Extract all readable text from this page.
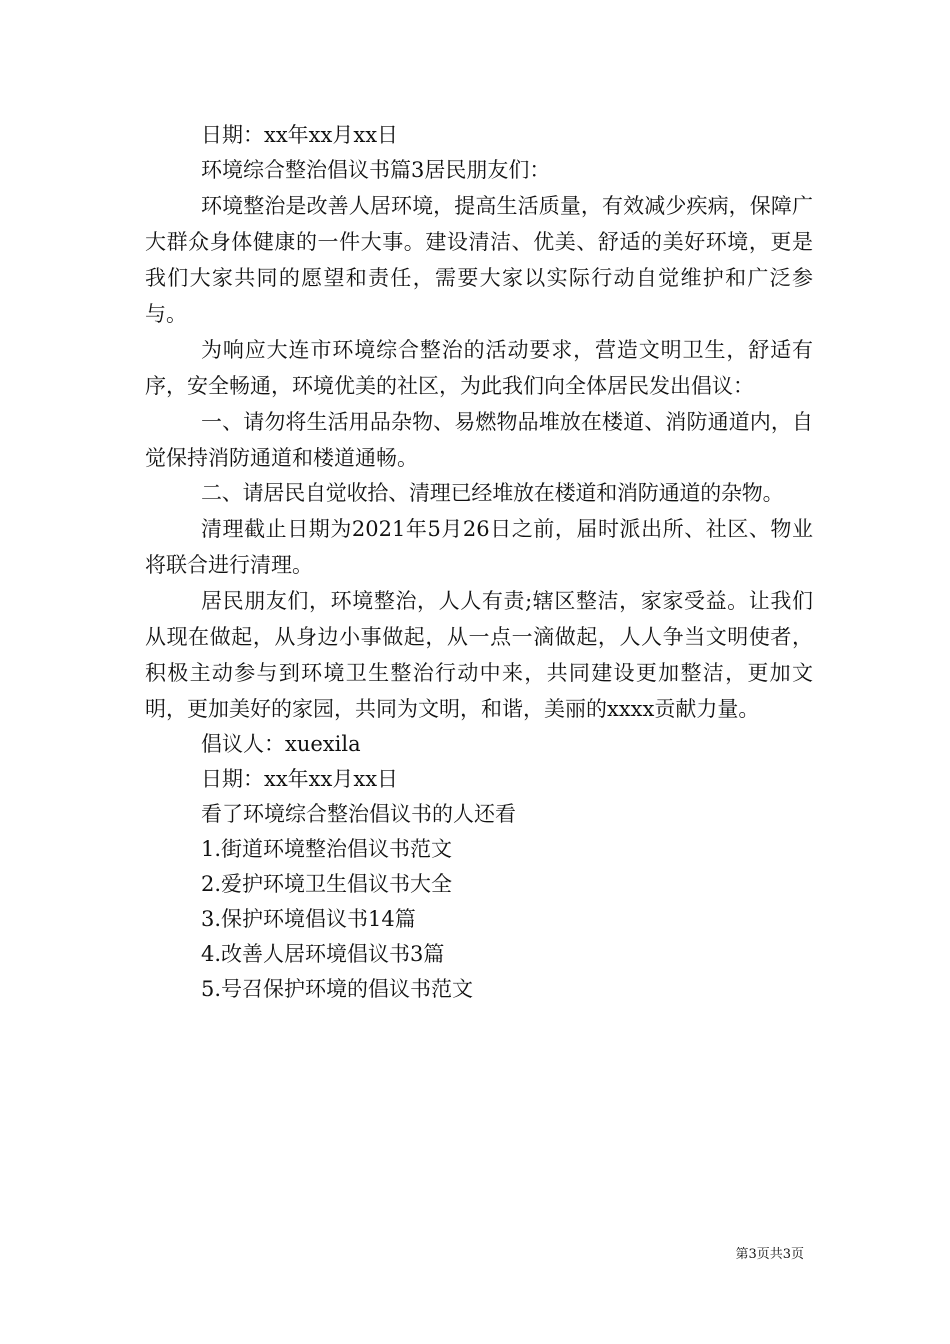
日期：xx年xx月xx日

环境综合整治倡议书篇3居民朋友们：

环境整治是改善人居环境，提高生活质量，有效减少疾病，保障广大群众身体健康的一件大事。建设清洁、优美、舒适的美好环境，更是我们大家共同的愿望和责任，需要大家以实际行动自觉维护和广泛参与。

为响应大连市环境综合整治的活动要求，营造文明卫生，舒适有序，安全畅通，环境优美的社区，为此我们向全体居民发出倡议：

一、请勿将生活用品杂物、易燃物品堆放在楼道、消防通道内，自觉保持消防通道和楼道通畅。

二、请居民自觉收拾、清理已经堆放在楼道和消防通道的杂物。

清理截止日期为2021年5月26日之前，届时派出所、社区、物业将联合进行清理。

居民朋友们，环境整治，人人有责;辖区整洁，家家受益。让我们从现在做起，从身边小事做起，从一点一滴做起，人人争当文明使者，积极主动参与到环境卫生整治行动中来，共同建设更加整洁，更加文明，更加美好的家园，共同为文明，和谐，美丽的xxxx贡献力量。

倡议人：xuexila

日期：xx年xx月xx日

看了环境综合整治倡议书的人还看

1.街道环境整治倡议书范文

2.爱护环境卫生倡议书大全

3.保护环境倡议书14篇

4.改善人居环境倡议书3篇

5.号召保护环境的倡议书范文

第3页共3页
